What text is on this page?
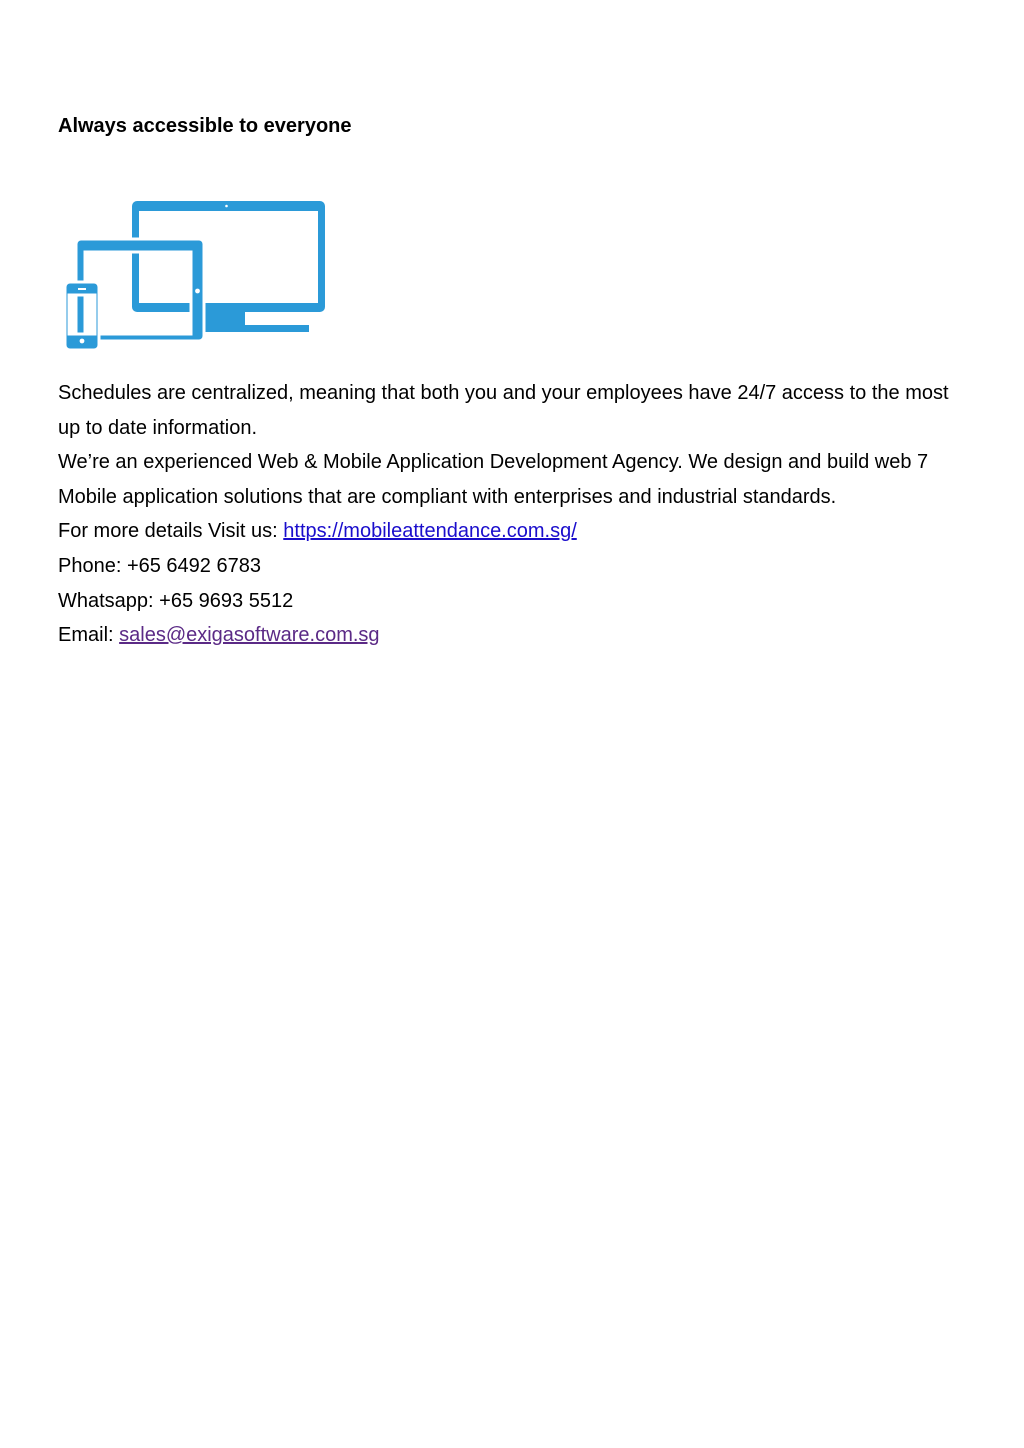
Always accessible to everyone

Schedules are centralized, meaning that both you and your employees have 24/7 access to the most up to date information.

We’re an experienced Web & Mobile Application Development Agency. We design and build web 7 Mobile application solutions that are compliant with enterprises and industrial standards.

For more details Visit us: https://mobileattendance.com.sg/

Phone: +65 6492 6783

Whatsapp: +65 9693 5512

Email: sales@exigasoftware.com.sg
